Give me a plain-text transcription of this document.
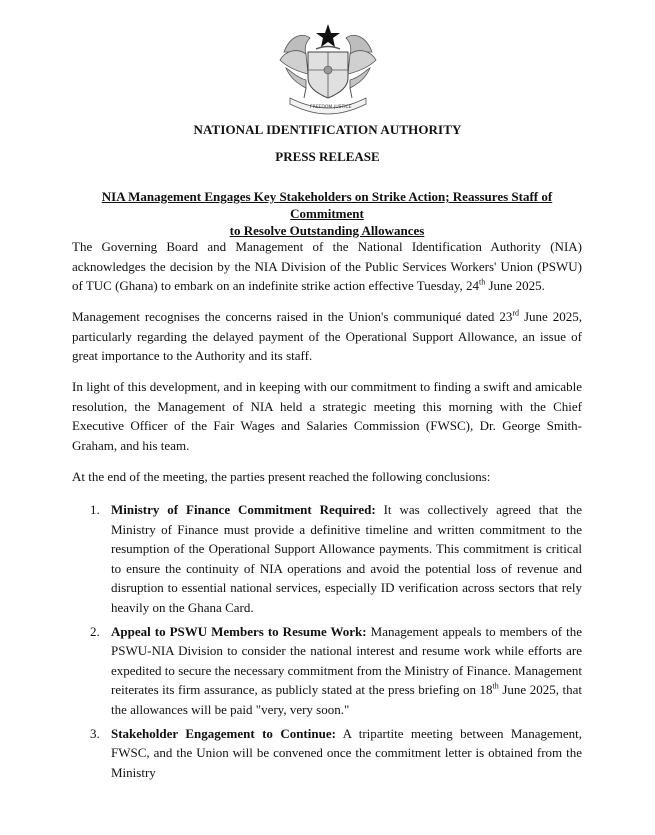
FREEDOM JUSTICE
NATIONAL IDENTIFICATION AUTHORITY
PRESS RELEASE
NIA Management Engages Key Stakeholders on Strike Action; Reassures Staff of Commitment
to Resolve Outstanding Allowances

The Governing Board and Management of the National Identification Authority (NIA) acknowledges the decision by the NIA Division of the Public Services Workers' Union (PSWU) of TUC (Ghana) to embark on an indefinite strike action effective Tuesday, 24th June 2025.

Management recognises the concerns raised in the Union's communiqué dated 23rd June 2025, particularly regarding the delayed payment of the Operational Support Allowance, an issue of great importance to the Authority and its staff.

In light of this development, and in keeping with our commitment to finding a swift and amicable resolution, the Management of NIA held a strategic meeting this morning with the Chief Executive Officer of the Fair Wages and Salaries Commission (FWSC), Dr. George Smith-Graham, and his team.

At the end of the meeting, the parties present reached the following conclusions:

1. Ministry of Finance Commitment Required: It was collectively agreed that the Ministry of Finance must provide a definitive timeline and written commitment to the resumption of the Operational Support Allowance payments. This commitment is critical to ensure the continuity of NIA operations and avoid the potential loss of revenue and disruption to essential national services, especially ID verification across sectors that rely heavily on the Ghana Card.
2. Appeal to PSWU Members to Resume Work: Management appeals to members of the PSWU-NIA Division to consider the national interest and resume work while efforts are expedited to secure the necessary commitment from the Ministry of Finance. Management reiterates its firm assurance, as publicly stated at the press briefing on 18th June 2025, that the allowances will be paid "very, very soon."
3. Stakeholder Engagement to Continue: A tripartite meeting between Management, FWSC, and the Union will be convened once the commitment letter is obtained from the Ministry
